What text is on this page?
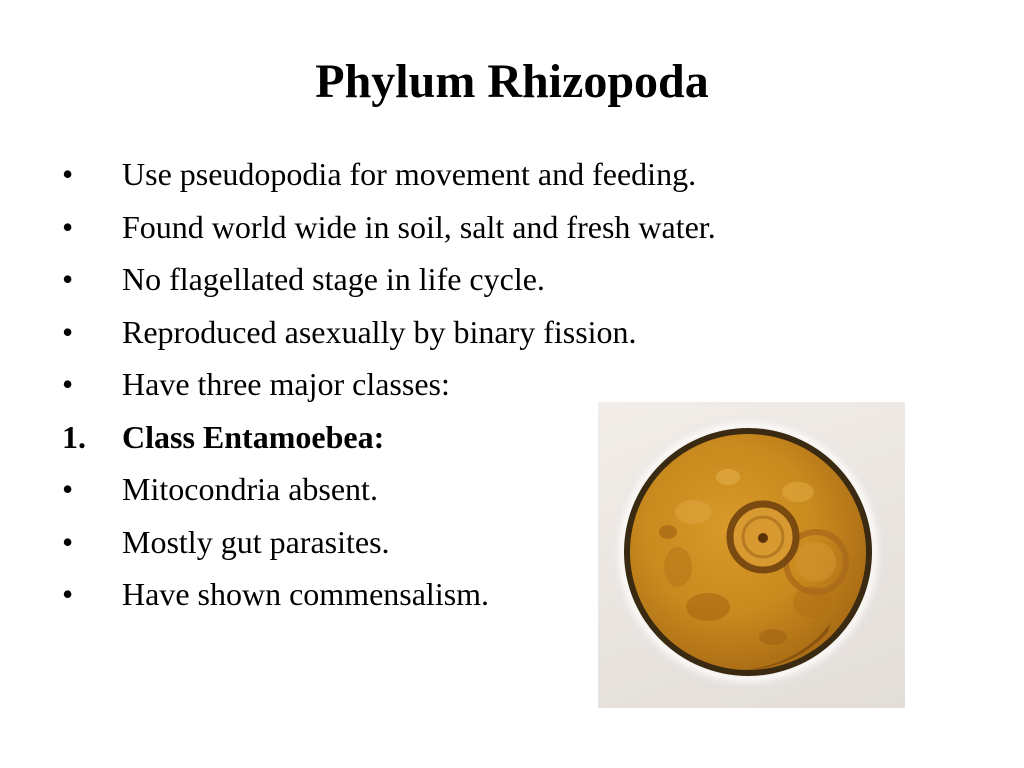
Phylum Rhizopoda
•	Use pseudopodia for movement and feeding.
•	Found world wide in soil, salt and fresh water.
•	No flagellated stage in life cycle.
•	Reproduced asexually by binary fission.
•	Have three major classes:
1.	Class Entamoebea:
•	Mitocondria absent.
•	Mostly gut parasites.
•	Have shown commensalism.
